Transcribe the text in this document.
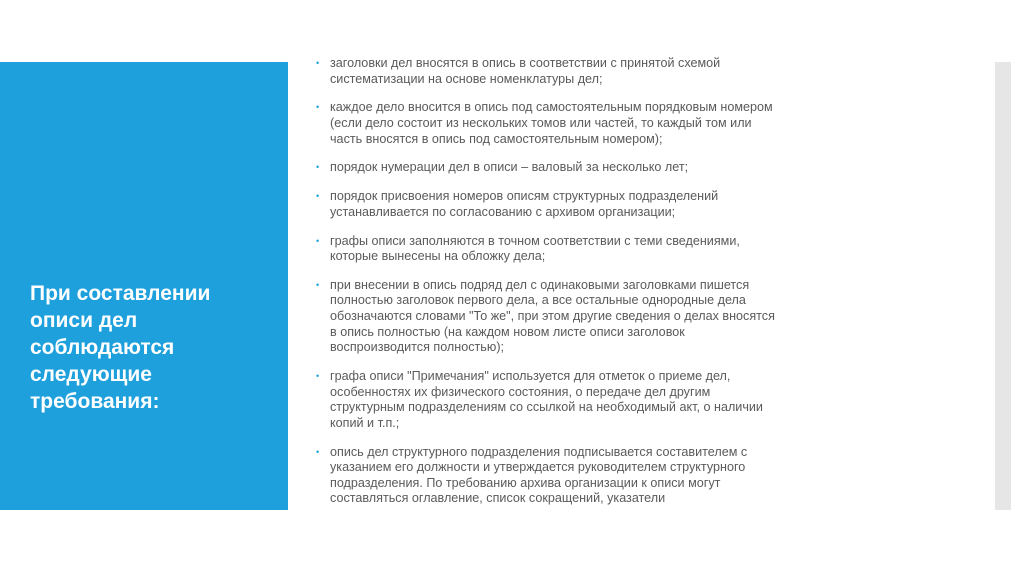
При составлении
описи дел
соблюдаются
следующие
требования:
• заголовки дел вносятся в опись в соответствии с принятой схемой
систематизации на основе номенклатуры дел;
• каждое дело вносится в опись под самостоятельным порядковым номером
(если дело состоит из нескольких томов или частей, то каждый том или
часть вносятся в опись под самостоятельным номером);
• порядок нумерации дел в описи – валовый за несколько лет;
• порядок присвоения номеров описям структурных подразделений
устанавливается по согласованию с архивом организации;
• графы описи заполняются в точном соответствии с теми сведениями,
которые вынесены на обложку дела;
• при внесении в опись подряд дел с одинаковыми заголовками пишется
полностью заголовок первого дела, а все остальные однородные дела
обозначаются словами "То же", при этом другие сведения о делах вносятся
в опись полностью (на каждом новом листе описи заголовок
воспроизводится полностью);
• графа описи "Примечания" используется для отметок о приеме дел,
особенностях их физического состояния, о передаче дел другим
структурным подразделениям со ссылкой на необходимый акт, о наличии
копий и т.п.;
• опись дел структурного подразделения подписывается составителем с
указанием его должности и утверждается руководителем структурного
подразделения. По требованию архива организации к описи могут
составляться оглавление, список сокращений, указатели
